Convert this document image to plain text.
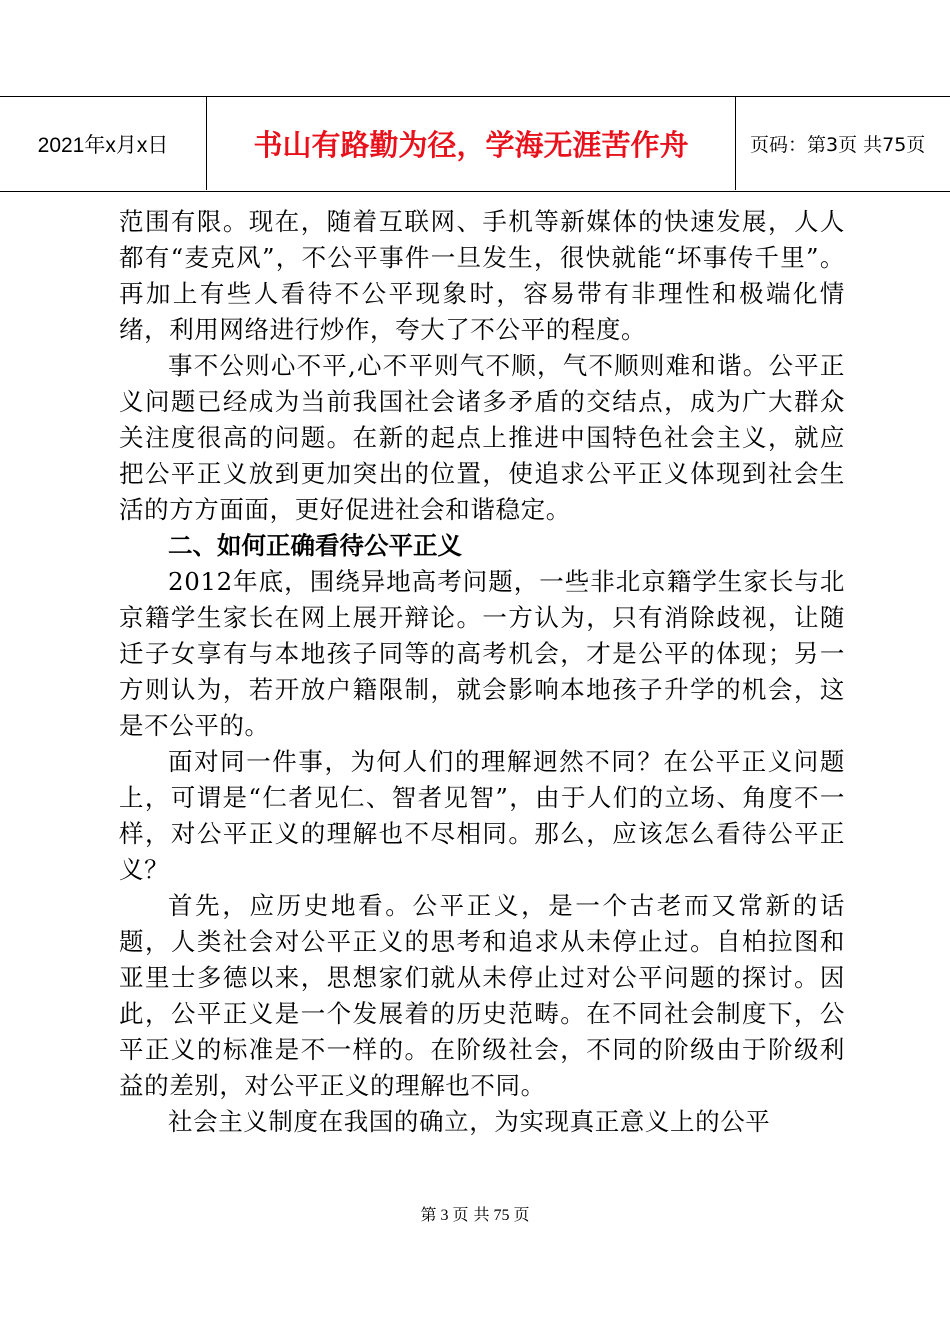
2021年x月x日	书山有路勤为径，学海无涯苦作舟	页码：第3页 共75页

范围有限。现在，随着互联网、手机等新媒体的快速发展，人人都有“麦克风”，不公平事件一旦发生，很快就能“坏事传千里”。再加上有些人看待不公平现象时，容易带有非理性和极端化情绪，利用网络进行炒作，夸大了不公平的程度。

事不公则心不平,心不平则气不顺，气不顺则难和谐。公平正义问题已经成为当前我国社会诸多矛盾的交结点，成为广大群众关注度很高的问题。在新的起点上推进中国特色社会主义，就应把公平正义放到更加突出的位置，使追求公平正义体现到社会生活的方方面面，更好促进社会和谐稳定。

二、如何正确看待公平正义

2012年底，围绕异地高考问题，一些非北京籍学生家长与北京籍学生家长在网上展开辩论。一方认为，只有消除歧视，让随迁子女享有与本地孩子同等的高考机会，才是公平的体现；另一方则认为，若开放户籍限制，就会影响本地孩子升学的机会，这是不公平的。

面对同一件事，为何人们的理解迥然不同？在公平正义问题上，可谓是“仁者见仁、智者见智”，由于人们的立场、角度不一样，对公平正义的理解也不尽相同。那么，应该怎么看待公平正义？

首先，应历史地看。公平正义，是一个古老而又常新的话题，人类社会对公平正义的思考和追求从未停止过。自柏拉图和亚里士多德以来，思想家们就从未停止过对公平问题的探讨。因此，公平正义是一个发展着的历史范畴。在不同社会制度下，公平正义的标准是不一样的。在阶级社会，不同的阶级由于阶级利益的差别，对公平正义的理解也不同。

社会主义制度在我国的确立，为实现真正意义上的公平

第 3 页 共 75 页
